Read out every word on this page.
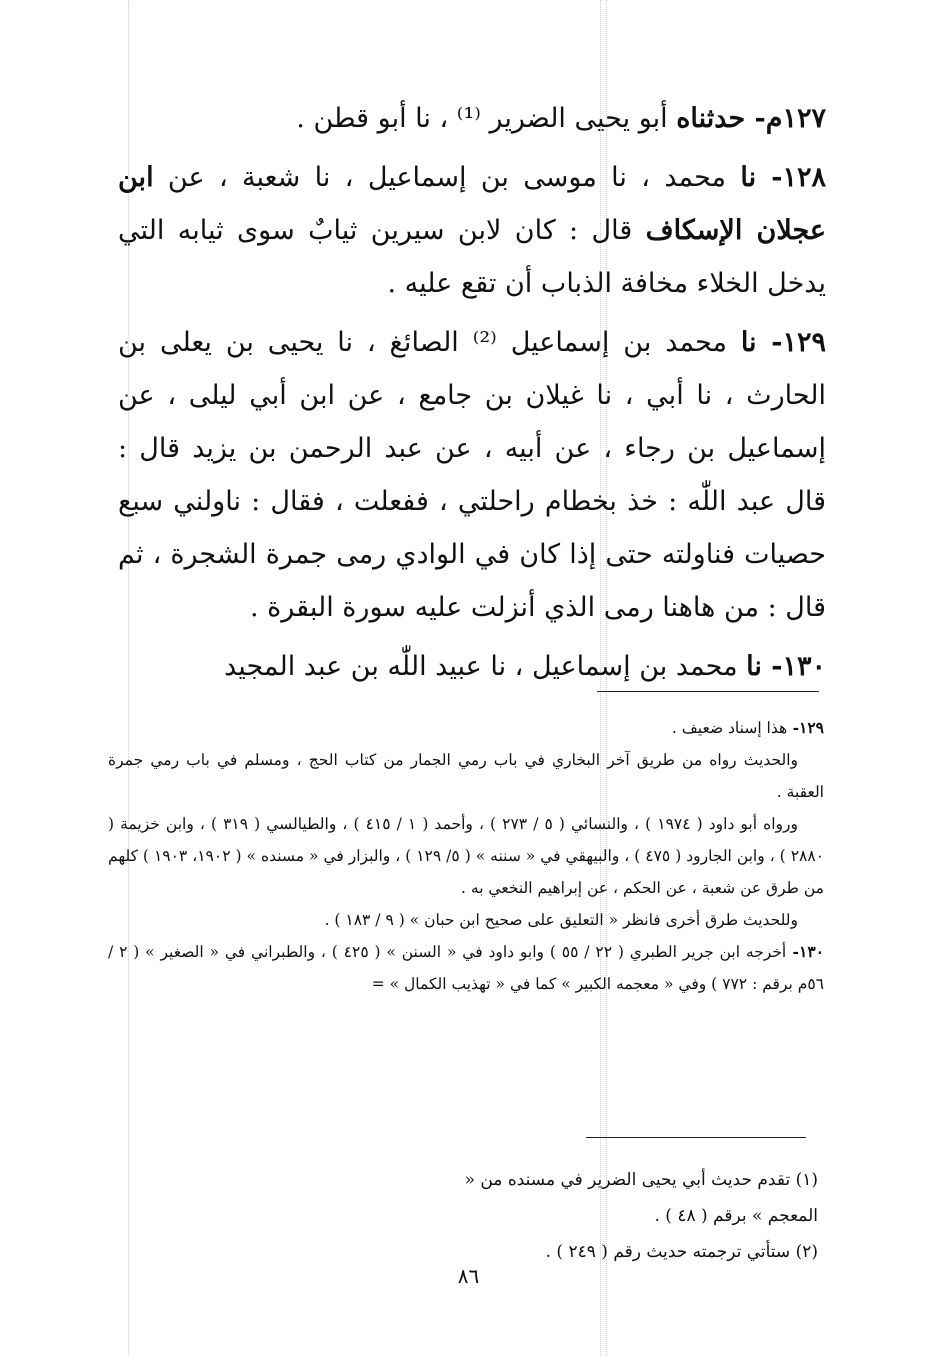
١٢٧م- حدثناه أبو يحيى الضرير ⁽¹⁾ ، نا أبو قطن .

١٢٨- نا محمد ، نا موسى بن إسماعيل ، نا شعبة ، عن ابن عجلان الإسكاف قال : كان لابن سيرين ثيابٌ سوى ثيابه التي يدخل الخلاء مخافة الذباب أن تقع عليه .

١٢٩- نا محمد بن إسماعيل ⁽²⁾ الصائغ ، نا يحيى بن يعلى بن الحارث ، نا أبي ، نا غيلان بن جامع ، عن ابن أبي ليلى ، عن إسماعيل بن رجاء ، عن أبيه ، عن عبد الرحمن بن يزيد قال : قال عبد اللّٰه : خذ بخطام راحلتي ، ففعلت ، فقال : ناولني سبع حصيات فناولته حتى إذا كان في الوادي رمى جمرة الشجرة ، ثم قال : من هاهنا رمى الذي أنزلت عليه سورة البقرة .

١٣٠- نا محمد بن إسماعيل ، نا عبيد اللّٰه بن عبد المجيد

١٢٩- هذا إسناد ضعيف .

والحديث رواه من طريق آخر البخاري في باب رمي الجمار من كتاب الحج ، ومسلم في باب رمي جمرة العقبة .

ورواه أبو داود ( ١٩٧٤ ) ، والنسائي ( ٥ / ٢٧٣ ) ، وأحمد ( ١ / ٤١٥ ) ، والطيالسي ( ٣١٩ ) ، وابن خزيمة ( ٢٨٨٠ ) ، وابن الجارود ( ٤٧٥ ) ، والبيهقي في « سننه » ( ٥/ ١٢٩ ) ، والبزار في « مسنده » ( ١٩٠٢، ١٩٠٣ ) كلهم من طرق عن شعبة ، عن الحكم ، عن إبراهيم النخعي به .

وللحديث طرق أخرى فانظر « التعليق على صحيح ابن حبان » ( ٩ / ١٨٣ ) .

١٣٠- أخرجه ابن جرير الطبري ( ٢٢ / ٥٥ ) وابو داود في « السنن » ( ٤٢٥ ) ، والطبراني في « الصغير » ( ٢ / ٥٦م برقم : ٧٧٢ ) وفي « معجمه الكبير » كما في « تهذيب الكمال » =

(١) تقدم حديث أبي يحيى الضرير في مسنده من « المعجم » برقم ( ٤٨ ) .

(٢) ستأتي ترجمته حديث رقم ( ٢٤٩ ) .

٨٦
